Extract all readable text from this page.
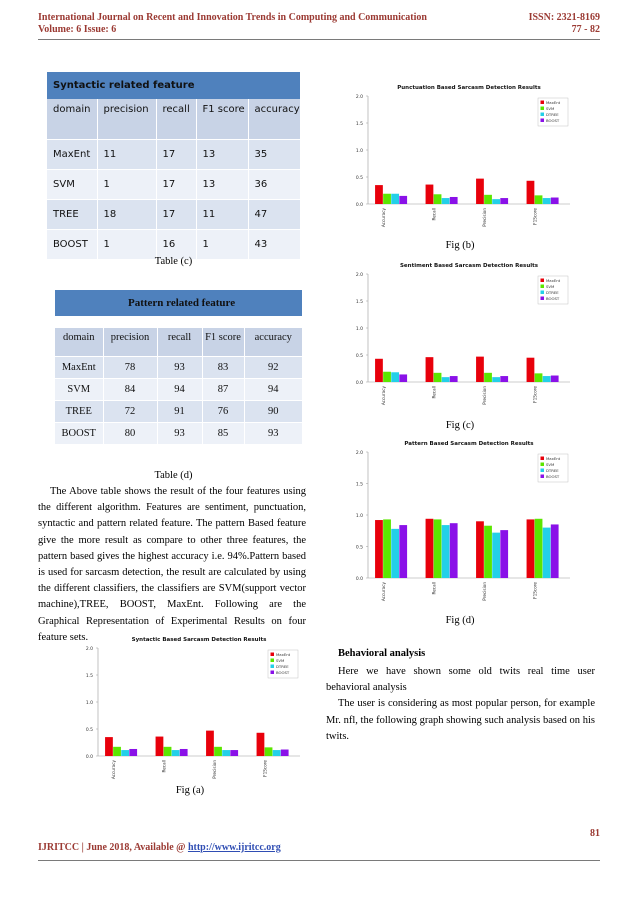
International Journal on Recent and Innovation Trends in Computing and Communication
Volume: 6 Issue: 6
ISSN: 2321-8169
77 - 82
Syntactic related feature				
domain	precision	recall	F1 score	accuracy
MaxEnt	11	17	13	35
SVM	1	17	13	36
TREE	18	17	11	47
BOOST	1	16	1	43
Table (c)
Pattern related feature				

domain	precision	recall	F1 score	accuracy
MaxEnt	78	93	83	92
SVM	84	94	87	94
TREE	72	91	76	90
BOOST	80	93	85	93
Table (d)

The Above table shows the result of the four features using the different algorithm. Features are sentiment, punctuation, syntactic and pattern related feature. The pattern Based feature give the more result as compare to other three features, the pattern based gives the highest accuracy i.e. 94%.Pattern based is used for sarcasm detection, the result are calculated by using the different classifiers, the classifiers are SVM(support vector machine),TREE, BOOST, MaxEnt. Following are the Graphical Representation of Experimental Results on four feature sets.	Syntactic Based Sarcasm Detection Results
0.0
0.5
1.0
1.5
2.0
Accuracy	Recall	Precision	F1Score
MaxEnt
SVM
DTREE
BOOST
Fig (a)
Punctuation Based Sarcasm Detection Results
0.0
0.5
1.0
1.5
2.0
Accuracy	Recall	Precision	F1Score
MaxEnt
SVM
DTREE
BOOST
Fig (b)
Sentiment Based Sarcasm Detection Results
0.0
0.5
1.0
1.5
2.0
Accuracy	Recall	Precision	F1Score
MaxEnt
SVM
DTREE
BOOST
Fig (c)
Pattern Based Sarcasm Detection Results
0.0
0.5
1.0
1.5
2.0
Accuracy	Recall	Precision	F1Score
MaxEnt
SVM
DTREE
BOOST
Fig (d)
Behavioral analysis

Here we have shown some old twits real time user behavioral analysis

The user is considering as most popular person, for example Mr. nfl, the following graph showing such analysis based on his twits.

81
IJRITCC | June 2018, Available @ http://www.ijritcc.org
